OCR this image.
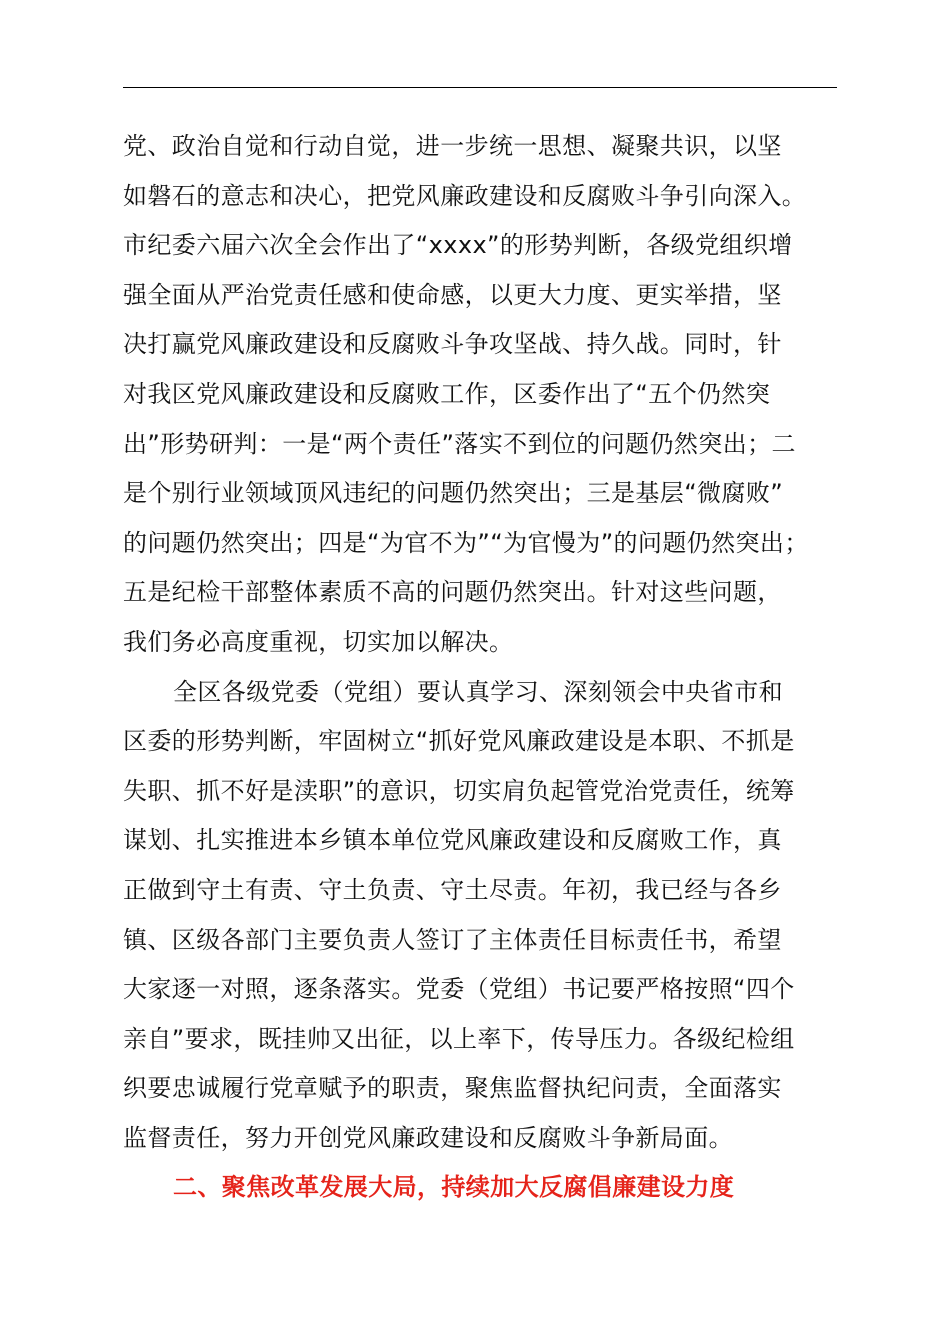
党、政治自觉和行动自觉，进一步统一思想、凝聚共识，以坚
如磐石的意志和决心，把党风廉政建设和反腐败斗争引向深入。
市纪委六届六次全会作出了“xxxx”的形势判断，各级党组织增
强全面从严治党责任感和使命感，以更大力度、更实举措，坚
决打赢党风廉政建设和反腐败斗争攻坚战、持久战。同时，针
对我区党风廉政建设和反腐败工作，区委作出了“五个仍然突
出”形势研判：一是“两个责任”落实不到位的问题仍然突出；二
是个别行业领域顶风违纪的问题仍然突出；三是基层“微腐败”
的问题仍然突出；四是“为官不为”“为官慢为”的问题仍然突出；
五是纪检干部整体素质不高的问题仍然突出。针对这些问题，
我们务必高度重视，切实加以解决。
全区各级党委（党组）要认真学习、深刻领会中央省市和
区委的形势判断，牢固树立“抓好党风廉政建设是本职、不抓是
失职、抓不好是渎职”的意识，切实肩负起管党治党责任，统筹
谋划、扎实推进本乡镇本单位党风廉政建设和反腐败工作，真
正做到守土有责、守土负责、守土尽责。年初，我已经与各乡
镇、区级各部门主要负责人签订了主体责任目标责任书，希望
大家逐一对照，逐条落实。党委（党组）书记要严格按照“四个
亲自”要求，既挂帅又出征，以上率下，传导压力。各级纪检组
织要忠诚履行党章赋予的职责，聚焦监督执纪问责，全面落实
监督责任，努力开创党风廉政建设和反腐败斗争新局面。
二、聚焦改革发展大局，持续加大反腐倡廉建设力度
